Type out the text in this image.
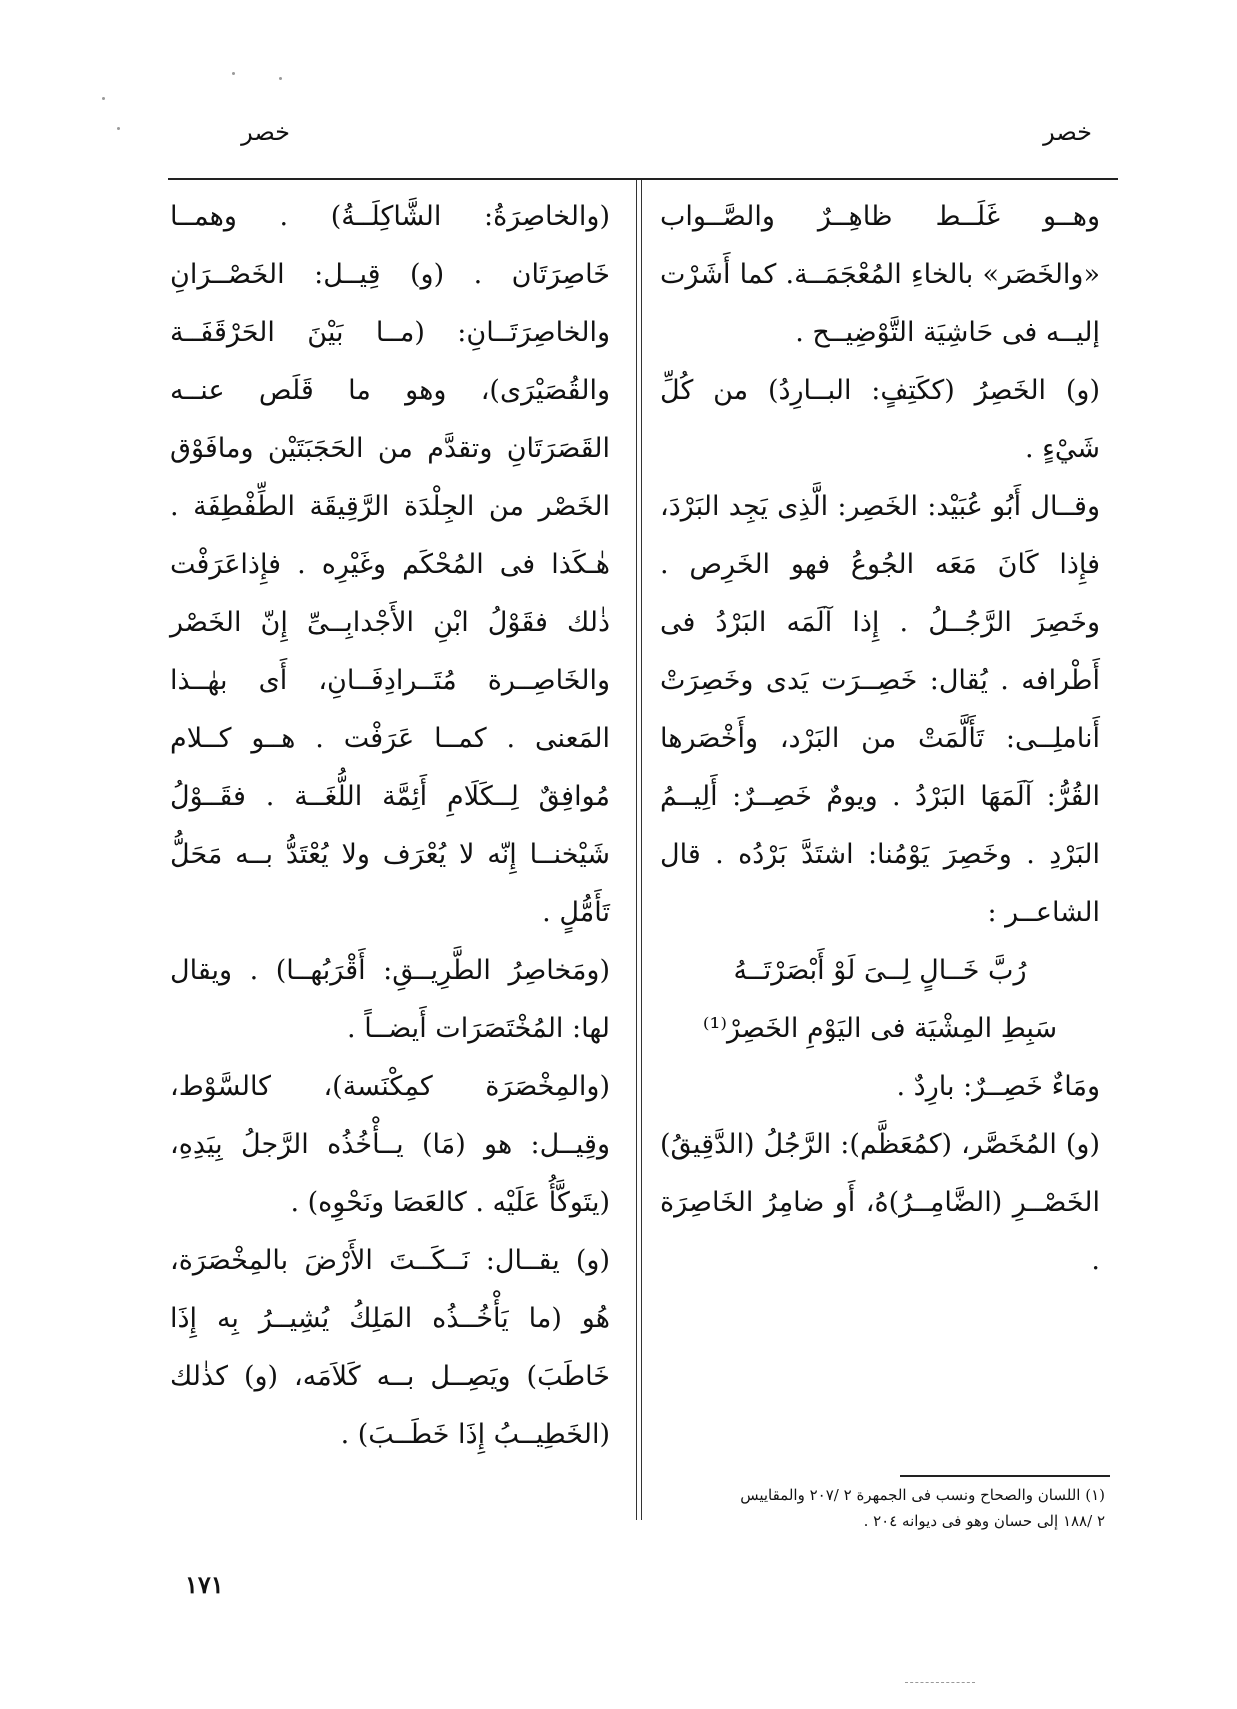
خصر	خصر

وهــو غَلَــط ظاهِــرٌ والصَّــواب «والخَصَر» بالخاءِ المُعْجَمَــة. كما أَشَرْت إليــه فى حَاشِيَة التَّوْضِيــح .

(و) الخَصِرُ (ككَتِفٍ: البــارِدُ) من كُلِّ شَيْءٍ .

وقــال أَبُو عُبَيْد: الخَصِر: الَّذِى يَجِد البَرْدَ، فإِذا كَانَ مَعَه الجُوعُ فهو الخَرِص . وخَصِرَ الرَّجُــلُ . إِذا آلَمَه البَرْدُ فى أَطْرافه . يُقال: خَصِــرَت يَدى وخَصِرَتْ أَناملِــى: تَأَلَّمَتْ من البَرْد، وأَخْصَرها القُرُّ: آلَمَهَا البَرْدُ . ويومٌ خَصِــرٌ: أَلِيــمُ البَرْدِ . وخَصِرَ يَوْمُنا: اشتَدَّ بَرْدُه . قال الشاعــر :

رُبَّ خَــالٍ لِــىَ لَوْ أَبْصَرْتَــهُ

سَبِطِ المِشْيَة فى اليَوْمِ الخَصِرْ⁽¹⁾

ومَاءٌ خَصِــرٌ: بارِدٌ .

(و) المُخَصَّر، (كمُعَظَّم): الرَّجُلُ (الدَّقِيقُ) الخَصْــرِ (الضَّامِــرُ)هُ، أَو ضامِرُ الخَاصِرَة .

(١) اللسان والصحاح ونسب فى الجمهرة ٢ /٢٠٧ والمقاييس

٢ /١٨٨ إلى حسان وهو فى ديوانه ٢٠٤ .

(والخاصِرَةُ: الشَّاكِلَــةُ) . وهمــا خَاصِرَتَان . (و) قِيــل: الخَصْــرَانِ والخاصِرَتَــانِ: (مــا بَيْنَ الحَرْقَفَــة والقُصَيْرَى)، وهو ما قَلَص عنــه القَصَرَتَانِ وتقدَّم من الحَجَبَتَيْن ومافَوْق الخَصْر من الجِلْدَة الرَّقِيقَة الطِّفْطِفَة . هٰـكَذا فى المُحْكَم وغَيْرِه . فإِذاعَرَفْت ذٰلك فقَوْلُ ابْنِ الأَجْدابِــىِّ إِنّ الخَصْر والخَاصِــرة مُتَــرادِفَــانِ، أَى بهٰــذا المَعنى . كمــا عَرَفْت . هــو كــلام مُوافِقٌ لِــكَلَامِ أَئِمَّة اللُّغَــة . فقَــوْلُ شَيْخنــا إِنّه لا يُعْرَف ولا يُعْتَدُّ بــه مَحَلُّ تَأَمُّلٍ .

(ومَخاصِرُ الطَّرِيــقِ: أَقْرَبُهــا) . ويقال لها: المُخْتَصَرَات أَيضــاً .

(والمِخْصَرَة كمِكْنَسة)، كالسَّوْط، وقِيــل: هو (مَا) يــأْخُذُه الرَّجلُ بِيَدِهِ، (يتَوكَّأُ عَلَيْه . كالعَصَا ونَحْوِه) .

(و) يقــال: نَــكَــتَ الأَرْضَ بالمِخْصَرَة، هُو (ما يَأْخُــذُه المَلِكُ يُشِيــرُ بِه إِذَا خَاطَبَ) ويَصِــل بــه كَلاَمَه، (و) كذٰلك (الخَطِيــبُ إِذَا خَطَــبَ) .

١٧١
